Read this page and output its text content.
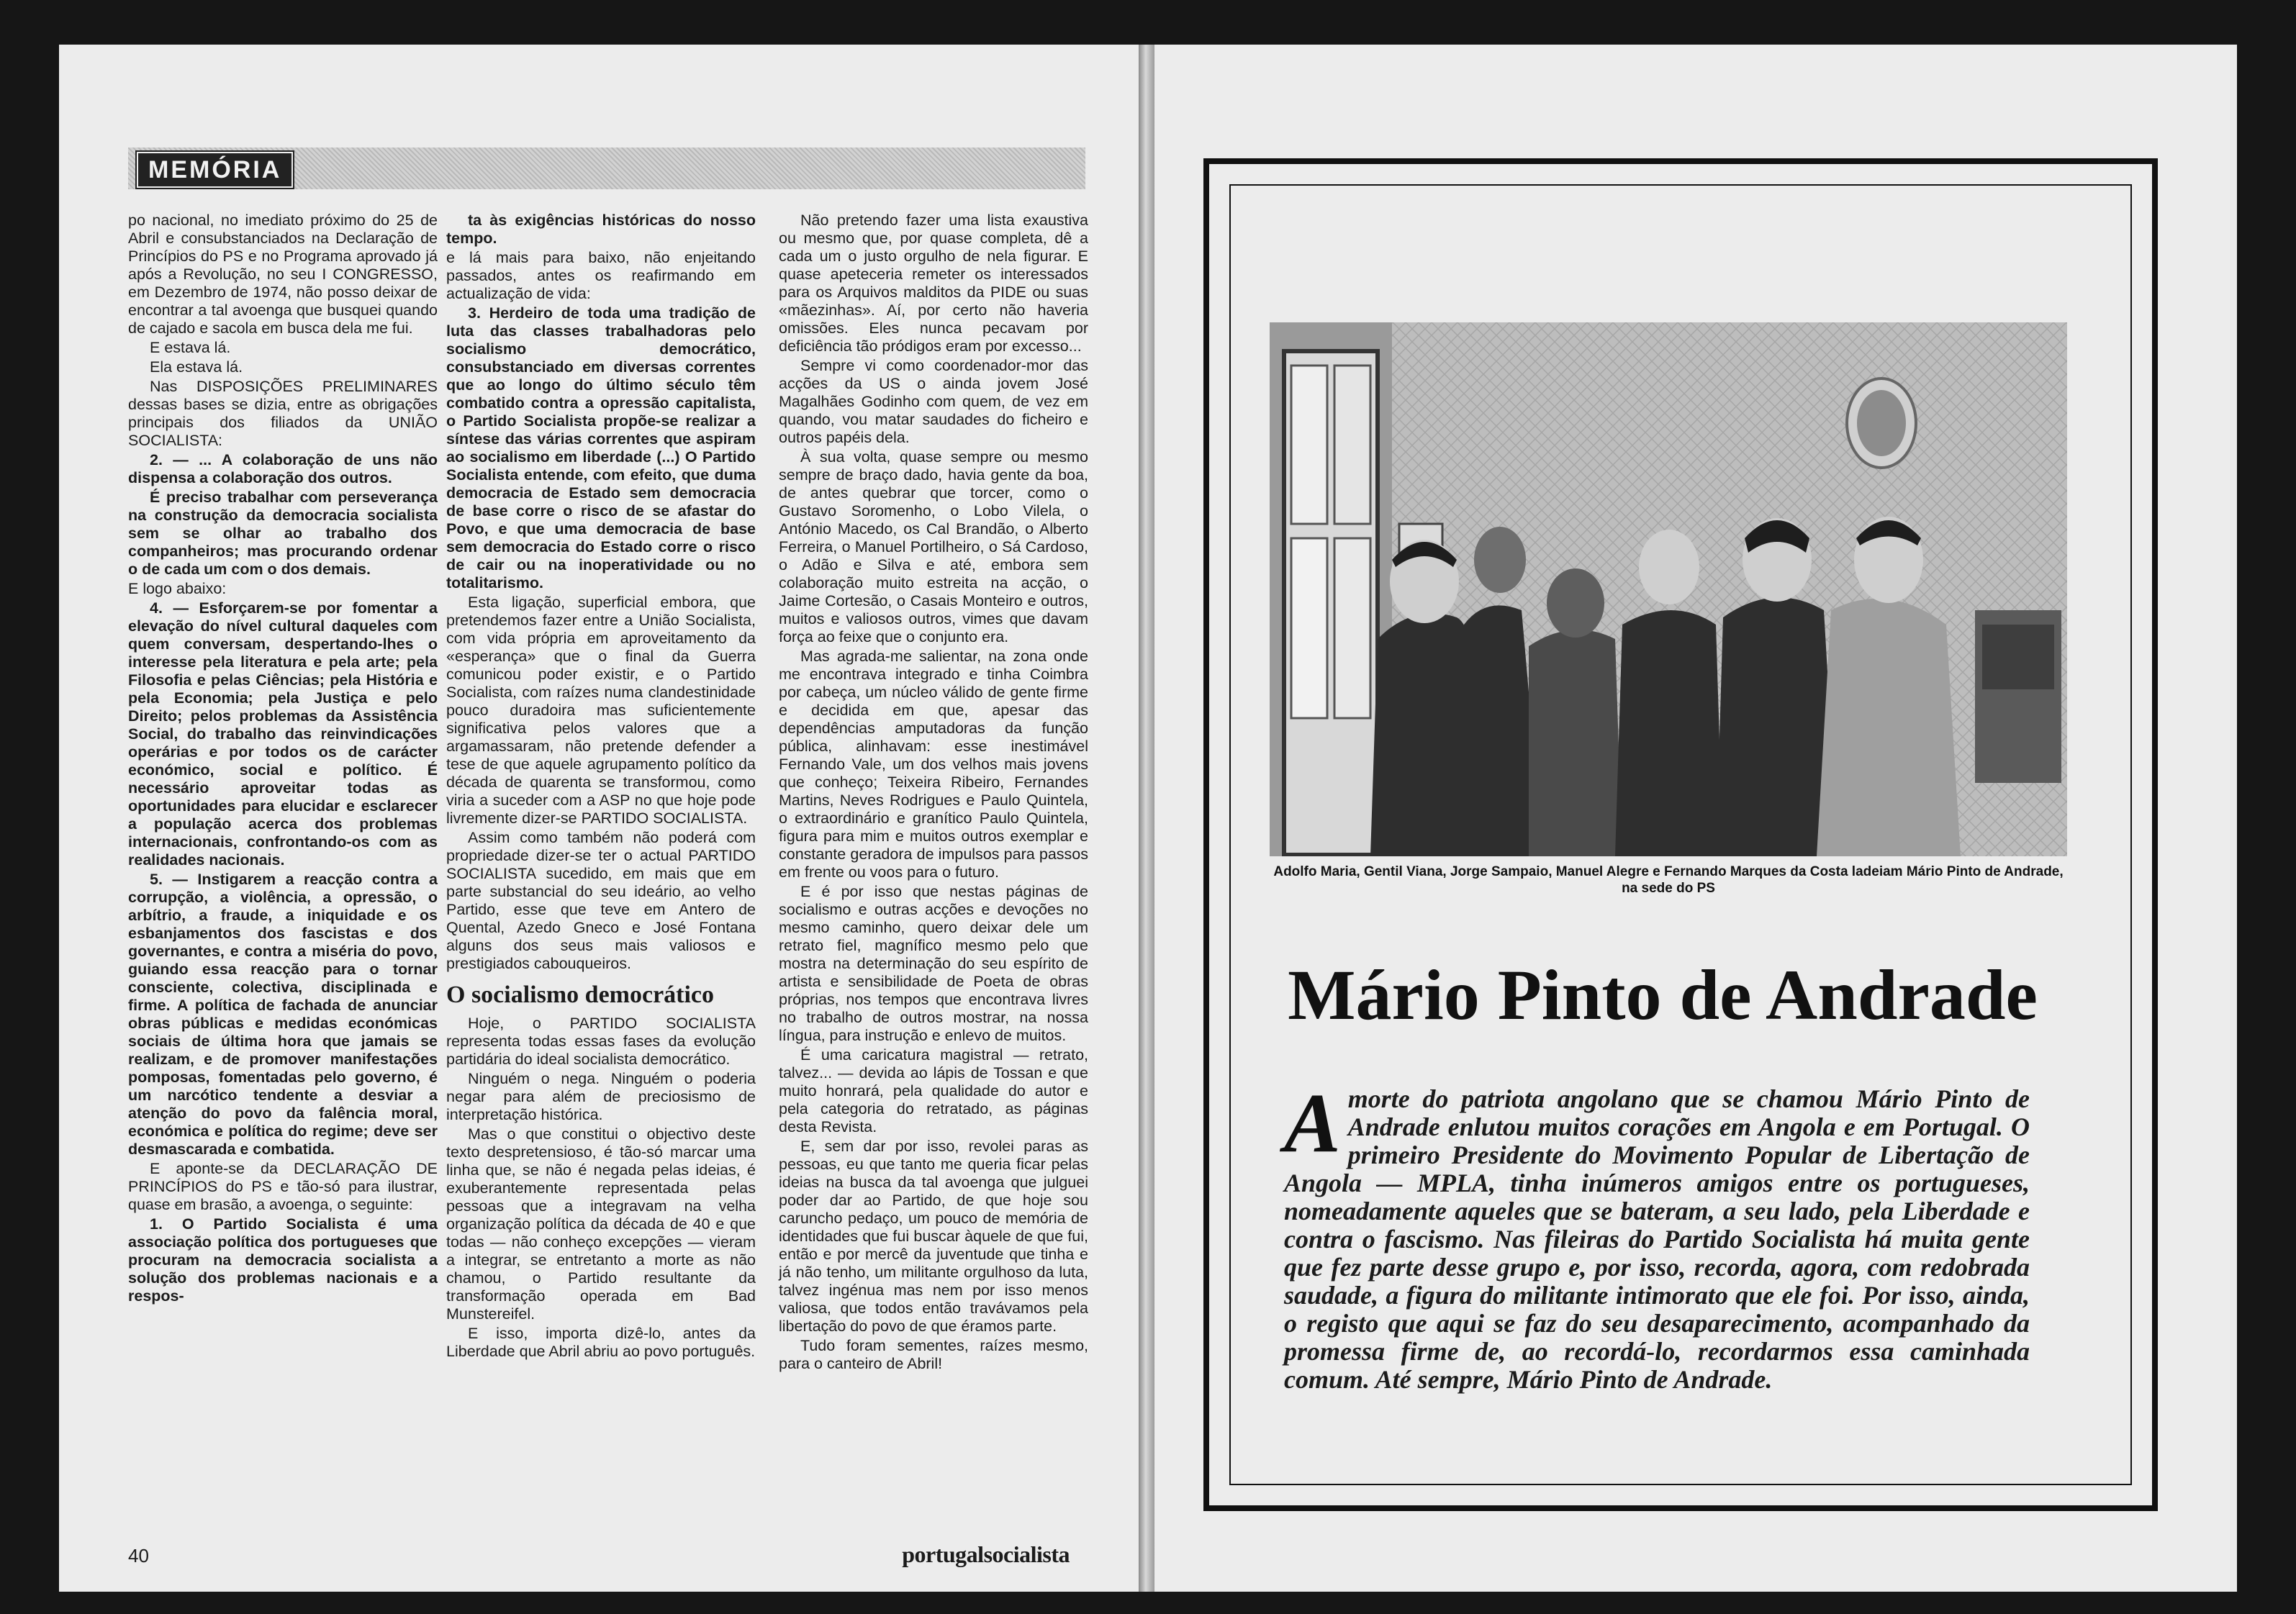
MEMÓRIA

po nacional, no imediato próximo do 25 de Abril e consubstanciados na Declaração de Princípios do PS e no Programa aprovado já após a Revolução, no seu I CONGRESSO, em Dezembro de 1974, não posso deixar de encontrar a tal avoenga que busquei quando de cajado e sacola em busca dela me fui.

E estava lá.

Ela estava lá.

Nas DISPOSIÇÕES PRELIMINARES dessas bases se dizia, entre as obrigações principais dos filiados da UNIÃO SOCIALISTA:

2. — ... A colaboração de uns não dispensa a colaboração dos outros.

É preciso trabalhar com perseverança na construção da democracia socialista sem se olhar ao trabalho dos companheiros; mas procurando ordenar o de cada um com o dos demais.

E logo abaixo:

4. — Esforçarem-se por fomentar a elevação do nível cultural daqueles com quem conversam, despertando-lhes o interesse pela literatura e pela arte; pela Filosofia e pelas Ciências; pela História e pela Economia; pela Justiça e pelo Direito; pelos problemas da Assistência Social, do trabalho das reinvindicações operárias e por todos os de carácter económico, social e político. É necessário aproveitar todas as oportunidades para elucidar e esclarecer a população acerca dos problemas internacionais, confrontando-os com as realidades nacionais.

5. — Instigarem a reacção contra a corrupção, a violência, a opressão, o arbítrio, a fraude, a iniquidade e os esbanjamentos dos fascistas e dos governantes, e contra a miséria do povo, guiando essa reacção para o tornar consciente, colectiva, disciplinada e firme. A política de fachada de anunciar obras públicas e medidas económicas sociais de última hora que jamais se realizam, e de promover manifestações pomposas, fomentadas pelo governo, é um narcótico tendente a desviar a atenção do povo da falência moral, económica e política do regime; deve ser desmascarada e combatida.

E aponte-se da DECLARAÇÃO DE PRINCÍPIOS do PS e tão-só para ilustrar, quase em brasão, a avoenga, o seguinte:

1. O Partido Socialista é uma associação política dos portugueses que procuram na democracia socialista a solução dos problemas nacionais e a respos-

ta às exigências históricas do nosso tempo.

e lá mais para baixo, não enjeitando passados, antes os reafirmando em actualização de vida:

3. Herdeiro de toda uma tradição de luta das classes trabalhadoras pelo socialismo democrático, consubstanciado em diversas correntes que ao longo do último século têm combatido contra a opressão capitalista, o Partido Socialista propõe-se realizar a síntese das várias correntes que aspiram ao socialismo em liberdade (...) O Partido Socialista entende, com efeito, que duma democracia de Estado sem democracia de base corre o risco de se afastar do Povo, e que uma democracia de base sem democracia do Estado corre o risco de cair ou na inoperatividade ou no totalitarismo.

Esta ligação, superficial embora, que pretendemos fazer entre a União Socialista, com vida própria em aproveitamento da «esperança» que o final da Guerra comunicou poder existir, e o Partido Socialista, com raízes numa clandestinidade pouco duradoira mas suficientemente significativa pelos valores que a argamassaram, não pretende defender a tese de que aquele agrupamento político da década de quarenta se transformou, como viria a suceder com a ASP no que hoje pode livremente dizer-se PARTIDO SOCIALISTA.

Assim como também não poderá com propriedade dizer-se ter o actual PARTIDO SOCIALISTA sucedido, em mais que em parte substancial do seu ideário, ao velho Partido, esse que teve em Antero de Quental, Azedo Gneco e José Fontana alguns dos seus mais valiosos e prestigiados cabouqueiros.

O socialismo democrático

Hoje, o PARTIDO SOCIALISTA representa todas essas fases da evolução partidária do ideal socialista democrático.

Ninguém o nega. Ninguém o poderia negar para além de preciosismo de interpretação histórica.

Mas o que constitui o objectivo deste texto despretensioso, é tão-só marcar uma linha que, se não é negada pelas ideias, é exuberantemente representada pelas pessoas que a integravam na velha organização política da década de 40 e que todas — não conheço excepções — vieram a integrar, se entretanto a morte as não chamou, o Partido resultante da transformação operada em Bad Munstereifel.

E isso, importa dizê-lo, antes da Liberdade que Abril abriu ao povo português.

Não pretendo fazer uma lista exaustiva ou mesmo que, por quase completa, dê a cada um o justo orgulho de nela figurar. E quase apeteceria remeter os interessados para os Arquivos malditos da PIDE ou suas «mãezinhas». Aí, por certo não haveria omissões. Eles nunca pecavam por deficiência tão pródigos eram por excesso...

Sempre vi como coordenador-mor das acções da US o ainda jovem José Magalhães Godinho com quem, de vez em quando, vou matar saudades do ficheiro e outros papéis dela.

À sua volta, quase sempre ou mesmo sempre de braço dado, havia gente da boa, de antes quebrar que torcer, como o Gustavo Soromenho, o Lobo Vilela, o António Macedo, os Cal Brandão, o Alberto Ferreira, o Manuel Portilheiro, o Sá Cardoso, o Adão e Silva e até, embora sem colaboração muito estreita na acção, o Jaime Cortesão, o Casais Monteiro e outros, muitos e valiosos outros, vimes que davam força ao feixe que o conjunto era.

Mas agrada-me salientar, na zona onde me encontrava integrado e tinha Coimbra por cabeça, um núcleo válido de gente firme e decidida em que, apesar das dependências amputadoras da função pública, alinhavam: esse inestimável Fernando Vale, um dos velhos mais jovens que conheço; Teixeira Ribeiro, Fernandes Martins, Neves Rodrigues e Paulo Quintela, o extraordinário e granítico Paulo Quintela, figura para mim e muitos outros exemplar e constante geradora de impulsos para passos em frente ou voos para o futuro.

E é por isso que nestas páginas de socialismo e outras acções e devoções no mesmo caminho, quero deixar dele um retrato fiel, magnífico mesmo pelo que mostra na determinação do seu espírito de artista e sensibilidade de Poeta de obras próprias, nos tempos que encontrava livres no trabalho de outros mostrar, na nossa língua, para instrução e enlevo de muitos.

É uma caricatura magistral — retrato, talvez... — devida ao lápis de Tossan e que muito honrará, pela qualidade do autor e pela categoria do retratado, as páginas desta Revista.

E, sem dar por isso, revolei paras as pessoas, eu que tanto me queria ficar pelas ideias na busca da tal avoenga que julguei poder dar ao Partido, de que hoje sou caruncho pedaço, um pouco de memória de identidades que fui buscar àquele de que fui, então e por mercê da juventude que tinha e já não tenho, um militante orgulhoso da luta, talvez ingénua mas nem por isso menos valiosa, que todos então travávamos pela libertação do povo de que éramos parte.

Tudo foram sementes, raízes mesmo, para o canteiro de Abril!

40	portugalsocialista
Adolfo Maria, Gentil Viana, Jorge Sampaio, Manuel Alegre e Fernando Marques da Costa ladeiam Mário Pinto de Andrade, na sede do PS
Mário Pinto de Andrade
Amorte do patriota angolano que se chamou Mário Pinto de Andrade enlutou muitos corações em Angola e em Portugal. O primeiro Presidente do Movimento Popular de Libertação de Angola — MPLA, tinha inúmeros amigos entre os portugueses, nomeadamente aqueles que se bateram, a seu lado, pela Liberdade e contra o fascismo. Nas fileiras do Partido Socialista há muita gente que fez parte desse grupo e, por isso, recorda, agora, com redobrada saudade, a figura do militante intimorato que ele foi. Por isso, ainda, o registo que aqui se faz do seu desaparecimento, acompanhado da promessa firme de, ao recordá-lo, recordarmos essa caminhada comum. Até sempre, Mário Pinto de Andrade.
